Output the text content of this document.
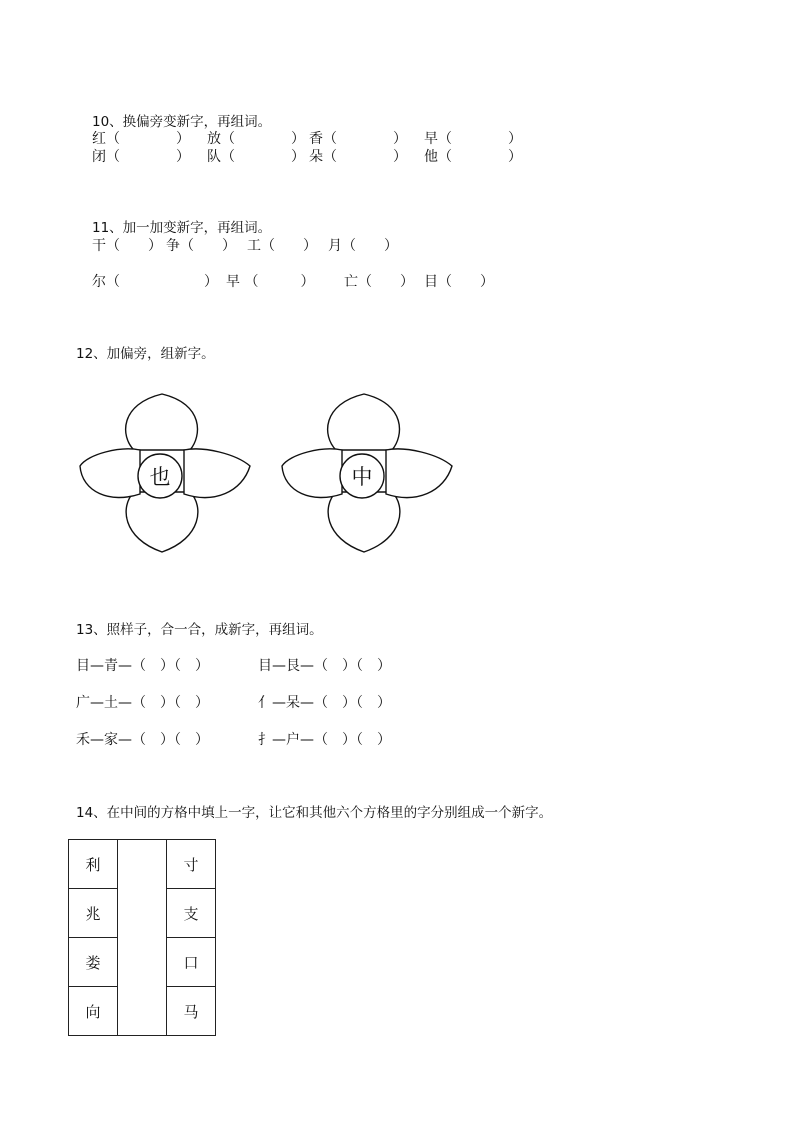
10、换偏旁变新字，再组词。
红（　　　　） 放（　　　　） 香（　　　　） 早（　　　　）
闭（　　　　） 队（　　　　） 朵（　　　　） 他（　　　　）
11、加一加变新字，再组词。
干（　　） 争（　　） 工（　　） 月（　　）
尔（　　　　　　） 早 （　　　） 亡（　　） 目（　　）
12、加偏旁，组新字。
也	中
13、照样子，合一合，成新字，再组词。
目—青—（　）（　）	目—艮—（　）（　）
广—土—（　）（　）	亻—呆—（　）（　）
禾—家—（　）（　）	扌—户—（　）（　）
14、在中间的方格中填上一字，让它和其他六个方格里的字分别组成一个新字。
利		寸
兆		支
娄		口
向		马
